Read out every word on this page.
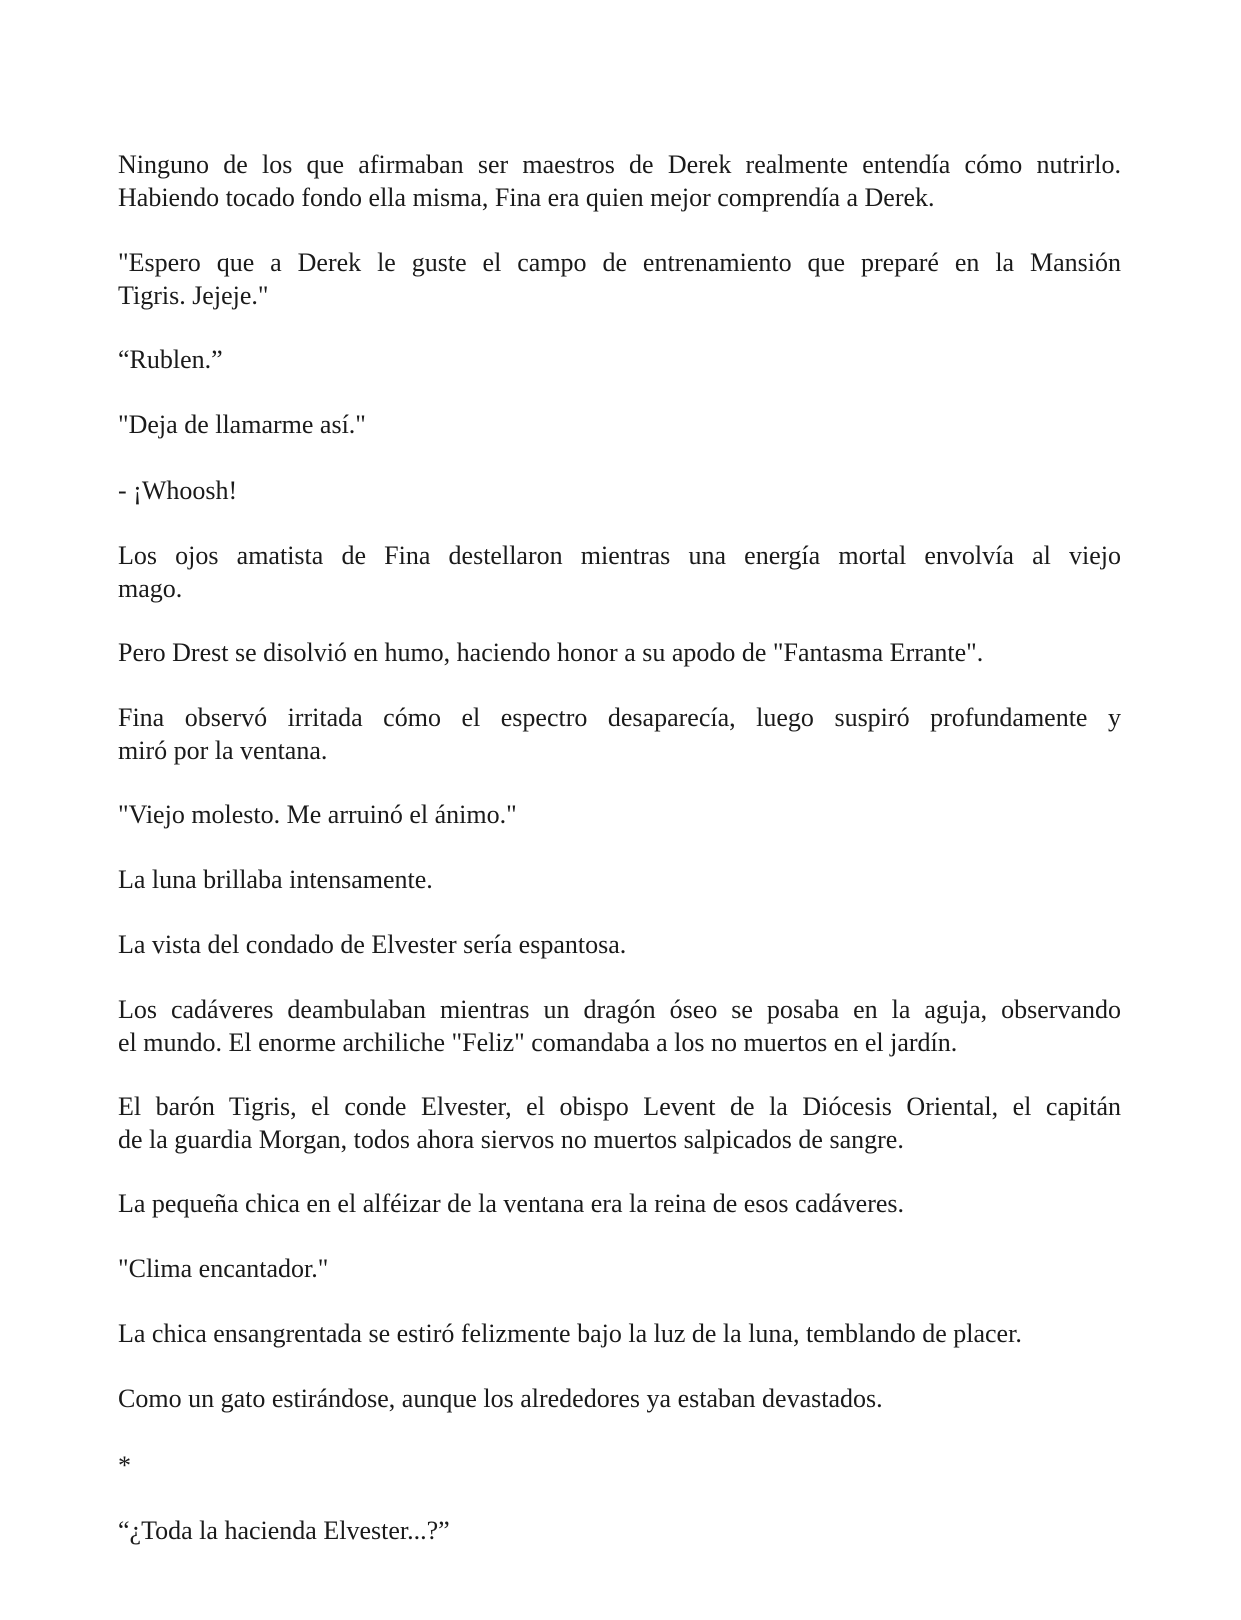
Ninguno de los que afirmaban ser maestros de Derek realmente entendía cómo nutrirlo.
Habiendo tocado fondo ella misma, Fina era quien mejor comprendía a Derek.
"Espero que a Derek le guste el campo de entrenamiento que preparé en la Mansión
Tigris. Jejeje."
“Rublen.”
"Deja de llamarme así."
- ¡Whoosh!
Los ojos amatista de Fina destellaron mientras una energía mortal envolvía al viejo
mago.
Pero Drest se disolvió en humo, haciendo honor a su apodo de "Fantasma Errante".
Fina observó irritada cómo el espectro desaparecía, luego suspiró profundamente y
miró por la ventana.
"Viejo molesto. Me arruinó el ánimo."
La luna brillaba intensamente.
La vista del condado de Elvester sería espantosa.
Los cadáveres deambulaban mientras un dragón óseo se posaba en la aguja, observando
el mundo. El enorme archiliche "Feliz" comandaba a los no muertos en el jardín.
El barón Tigris, el conde Elvester, el obispo Levent de la Diócesis Oriental, el capitán
de la guardia Morgan, todos ahora siervos no muertos salpicados de sangre.
La pequeña chica en el alféizar de la ventana era la reina de esos cadáveres.
"Clima encantador."
La chica ensangrentada se estiró felizmente bajo la luz de la luna, temblando de placer.
Como un gato estirándose, aunque los alrededores ya estaban devastados.
*
“¿Toda la hacienda Elvester...?”
